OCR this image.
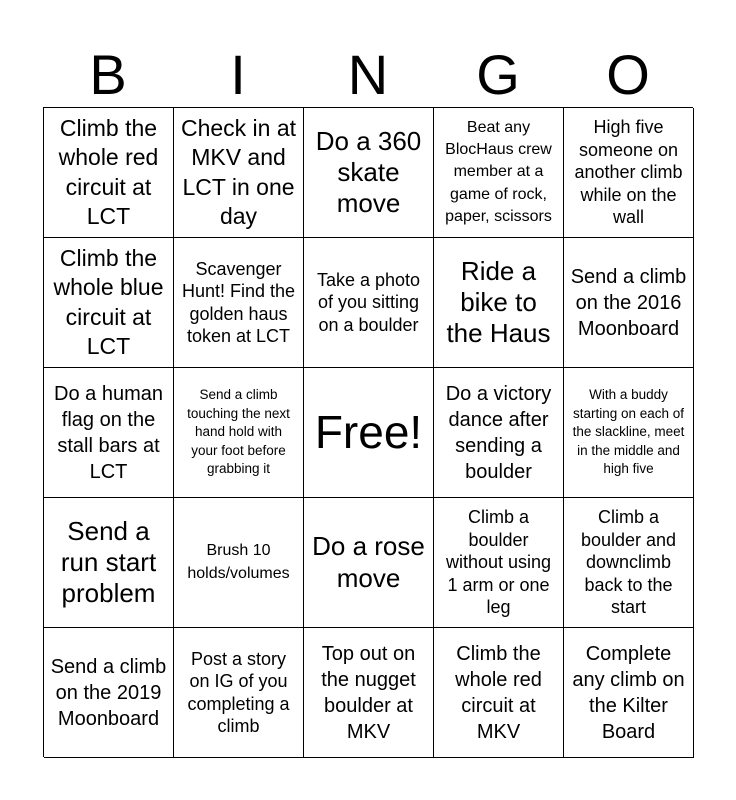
B	I	N	G	O
Climb the whole red circuit at LCT
Check in at MKV and LCT in one day
Do a 360 skate move
Beat any BlocHaus crew member at a game of rock, paper, scissors
High five someone on another climb while on the wall
Climb the whole blue circuit at LCT
Scavenger Hunt! Find the golden haus token at LCT
Take a photo of you sitting on a boulder
Ride a bike to the Haus
Send a climb on the 2016 Moonboard
Do a human flag on the stall bars at LCT
Send a climb touching the next hand hold with your foot before grabbing it
Free!
Do a victory dance after sending a boulder
With a buddy starting on each of the slackline, meet in the middle and high five
Send a run start problem
Brush 10 holds/volumes
Do a rose move
Climb a boulder without using 1 arm or one leg
Climb a boulder and downclimb back to the start
Send a climb on the 2019 Moonboard
Post a story on IG of you completing a climb
Top out on the nugget boulder at MKV
Climb the whole red circuit at MKV
Complete any climb on the Kilter Board
